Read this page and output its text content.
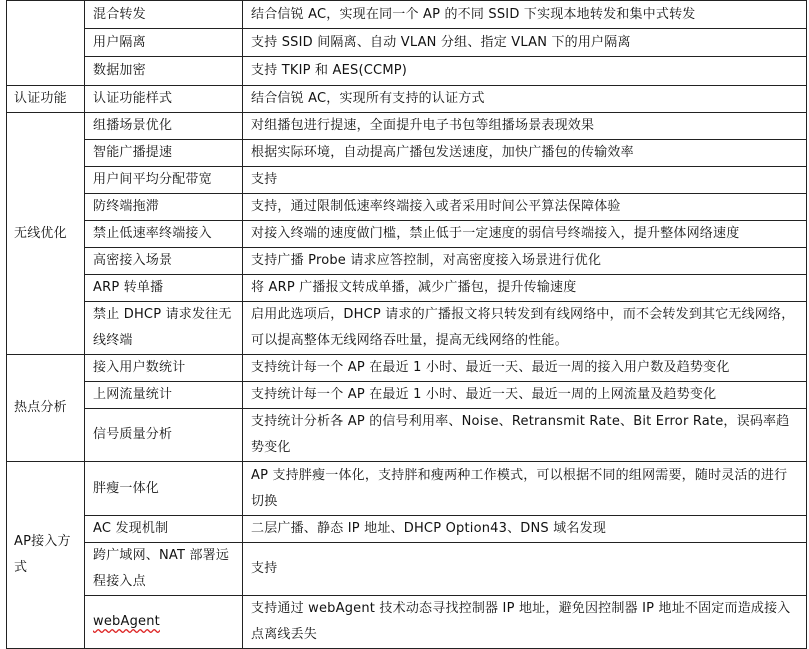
	混合转发	结合信锐 AC，实现在同一个 AP 的不同 SSID 下实现本地转发和集中式转发
	用户隔离	支持 SSID 间隔离、自动 VLAN 分组、指定 VLAN 下的用户隔离
	数据加密	支持 TKIP 和 AES(CCMP)
认证功能	认证功能样式	结合信锐 AC，实现所有支持的认证方式
无线优化	组播场景优化	对组播包进行提速，全面提升电子书包等组播场景表现效果
	智能广播提速	根据实际环境，自动提高广播包发送速度，加快广播包的传输效率
	用户间平均分配带宽	支持
	防终端拖滞	支持，通过限制低速率终端接入或者采用时间公平算法保障体验
	禁止低速率终端接入	对接入终端的速度做门槛，禁止低于一定速度的弱信号终端接入，提升整体网络速度
	高密接入场景	支持广播 Probe 请求应答控制，对高密度接入场景进行优化
	ARP 转单播	将 ARP 广播报文转成单播，减少广播包，提升传输速度
	禁止 DHCP 请求发往无线终端	启用此选项后，DHCP 请求的广播报文将只转发到有线网络中，而不会转发到其它无线网络，可以提高整体无线网络吞吐量，提高无线网络的性能。
热点分析	接入用户数统计	支持统计每一个 AP 在最近 1 小时、最近一天、最近一周的接入用户数及趋势变化
	上网流量统计	支持统计每一个 AP 在最近 1 小时、最近一天、最近一周的上网流量及趋势变化
	信号质量分析	支持统计分析各 AP 的信号利用率、Noise、Retransmit Rate、Bit Error Rate，误码率趋势变化
AP接入方式	胖瘦一体化	AP 支持胖瘦一体化，支持胖和瘦两种工作模式，可以根据不同的组网需要，随时灵活的进行切换
	AC 发现机制	二层广播、静态 IP 地址、DHCP Option43、DNS 域名发现
	跨广域网、NAT 部署远程接入点	支持
	webAgent	支持通过 webAgent 技术动态寻找控制器 IP 地址，避免因控制器 IP 地址不固定而造成接入点离线丢失
